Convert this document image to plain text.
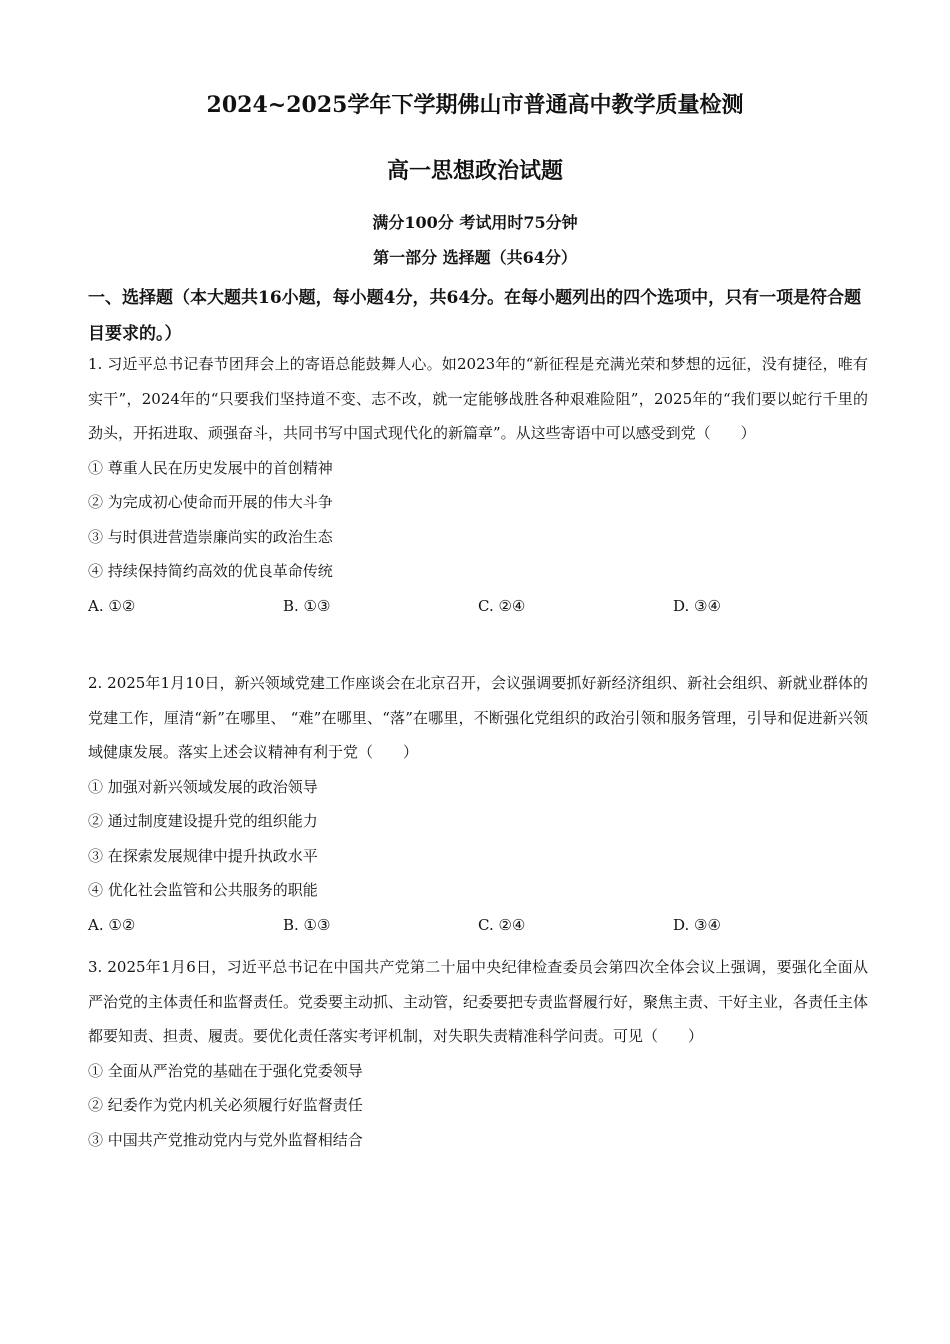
2024~2025学年下学期佛山市普通高中教学质量检测
高一思想政治试题
满分100分 考试用时75分钟
第一部分 选择题（共64分）
一、选择题（本大题共16小题，每小题4分，共64分。在每小题列出的四个选项中，只有一项是符合题目要求的。）

1. 习近平总书记春节团拜会上的寄语总能鼓舞人心。如2023年的“新征程是充满光荣和梦想的远征，没有捷径，唯有实干”，2024年的“只要我们坚持道不变、志不改，就一定能够战胜各种艰难险阻”，2025年的“我们要以蛇行千里的劲头，开拓进取、顽强奋斗，共同书写中国式现代化的新篇章”。从这些寄语中可以感受到党（　　）

① 尊重人民在历史发展中的首创精神

② 为完成初心使命而开展的伟大斗争

③ 与时俱进营造崇廉尚实的政治生态

④ 持续保持简约高效的优良革命传统

A. ①②	B. ①③	C. ②④	D. ③④

2. 2025年1月10日，新兴领域党建工作座谈会在北京召开，会议强调要抓好新经济组织、新社会组织、新就业群体的党建工作，厘清“新”在哪里、 “难”在哪里、“落”在哪里，不断强化党组织的政治引领和服务管理，引导和促进新兴领域健康发展。落实上述会议精神有利于党（　　）

① 加强对新兴领域发展的政治领导

② 通过制度建设提升党的组织能力

③ 在探索发展规律中提升执政水平

④ 优化社会监管和公共服务的职能

A. ①②	B. ①③	C. ②④	D. ③④

3. 2025年1月6日，习近平总书记在中国共产党第二十届中央纪律检查委员会第四次全体会议上强调，要强化全面从严治党的主体责任和监督责任。党委要主动抓、主动管，纪委要把专责监督履行好，聚焦主责、干好主业，各责任主体都要知责、担责、履责。要优化责任落实考评机制，对失职失责精准科学问责。可见（　　）

① 全面从严治党的基础在于强化党委领导

② 纪委作为党内机关必须履行好监督责任

③ 中国共产党推动党内与党外监督相结合
